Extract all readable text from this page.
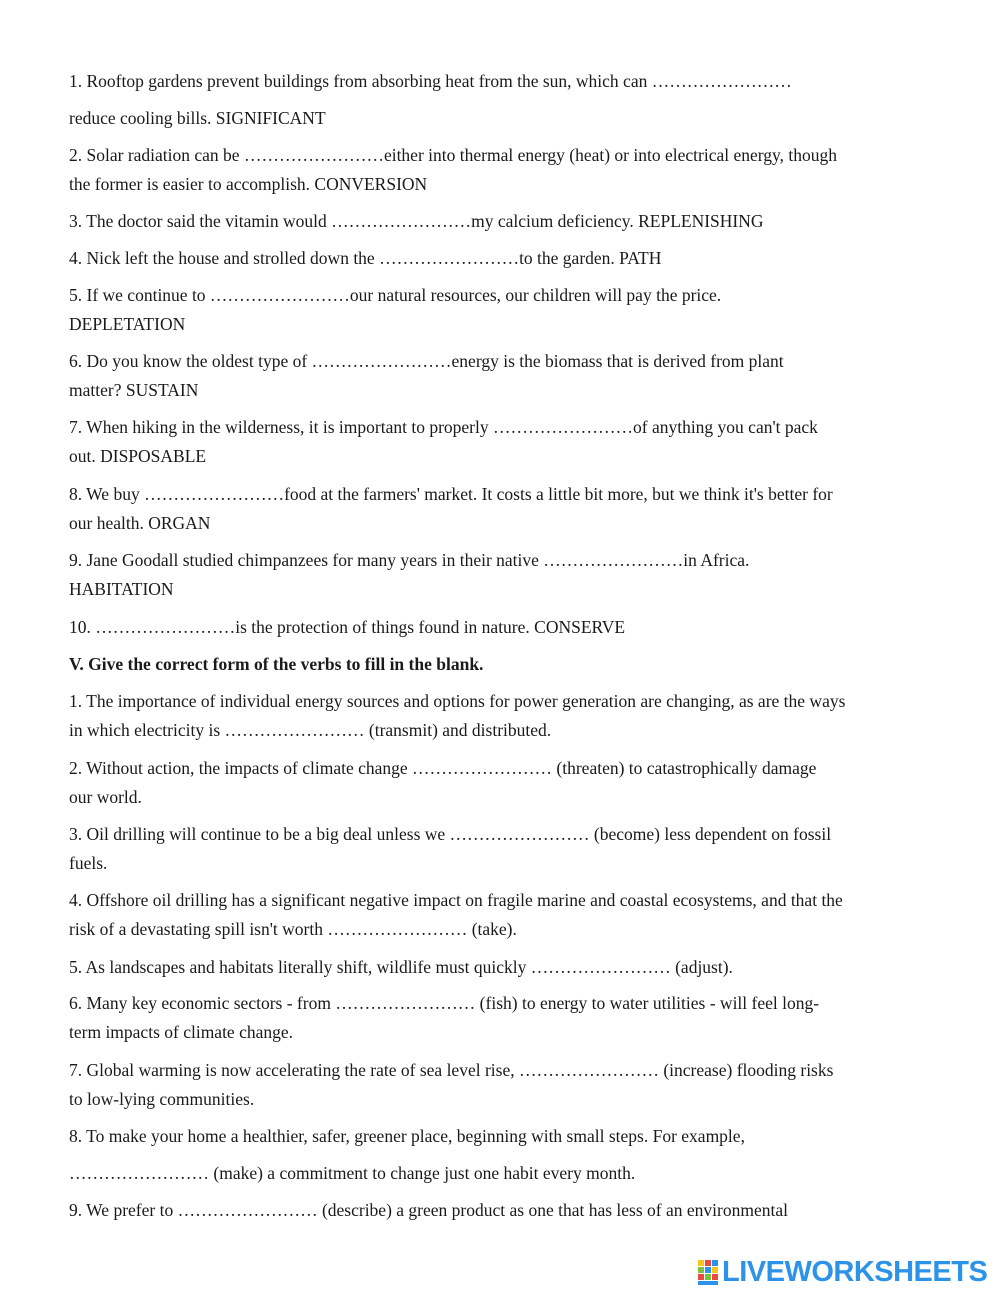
1. Rooftop gardens prevent buildings from absorbing heat from the sun, which can ……………………
reduce cooling bills. SIGNIFICANT
2. Solar radiation can be ……………………either into thermal energy (heat) or into electrical energy, though
the former is easier to accomplish. CONVERSION
3. The doctor said the vitamin would ……………………my calcium deficiency. REPLENISHING
4. Nick left the house and strolled down the ……………………to the garden. PATH
5. If we continue to ……………………our natural resources, our children will pay the price.
DEPLETATION
6. Do you know the oldest type of ……………………energy is the biomass that is derived from plant
matter? SUSTAIN
7. When hiking in the wilderness, it is important to properly ……………………of anything you can't pack
out. DISPOSABLE
8. We buy ……………………food at the farmers' market. It costs a little bit more, but we think it's better for
our health. ORGAN
9. Jane Goodall studied chimpanzees for many years in their native ……………………in Africa.
HABITATION
10. ……………………is the protection of things found in nature. CONSERVE
V. Give the correct form of the verbs to fill in the blank.
1. The importance of individual energy sources and options for power generation are changing, as are the ways
in which electricity is …………………… (transmit) and distributed.
2. Without action, the impacts of climate change …………………… (threaten) to catastrophically damage
our world.
3. Oil drilling will continue to be a big deal unless we …………………… (become) less dependent on fossil
fuels.
4. Offshore oil drilling has a significant negative impact on fragile marine and coastal ecosystems, and that the
risk of a devastating spill isn't worth …………………… (take).
5. As landscapes and habitats literally shift, wildlife must quickly …………………… (adjust).
6. Many key economic sectors - from …………………… (fish) to energy to water utilities - will feel long-
term impacts of climate change.
7. Global warming is now accelerating the rate of sea level rise, …………………… (increase) flooding risks
to low-lying communities.
8. To make your home a healthier, safer, greener place, beginning with small steps. For example,
…………………… (make) a commitment to change just one habit every month.
9. We prefer to …………………… (describe) a green product as one that has less of an environmental
LIVEWORKSHEETS
